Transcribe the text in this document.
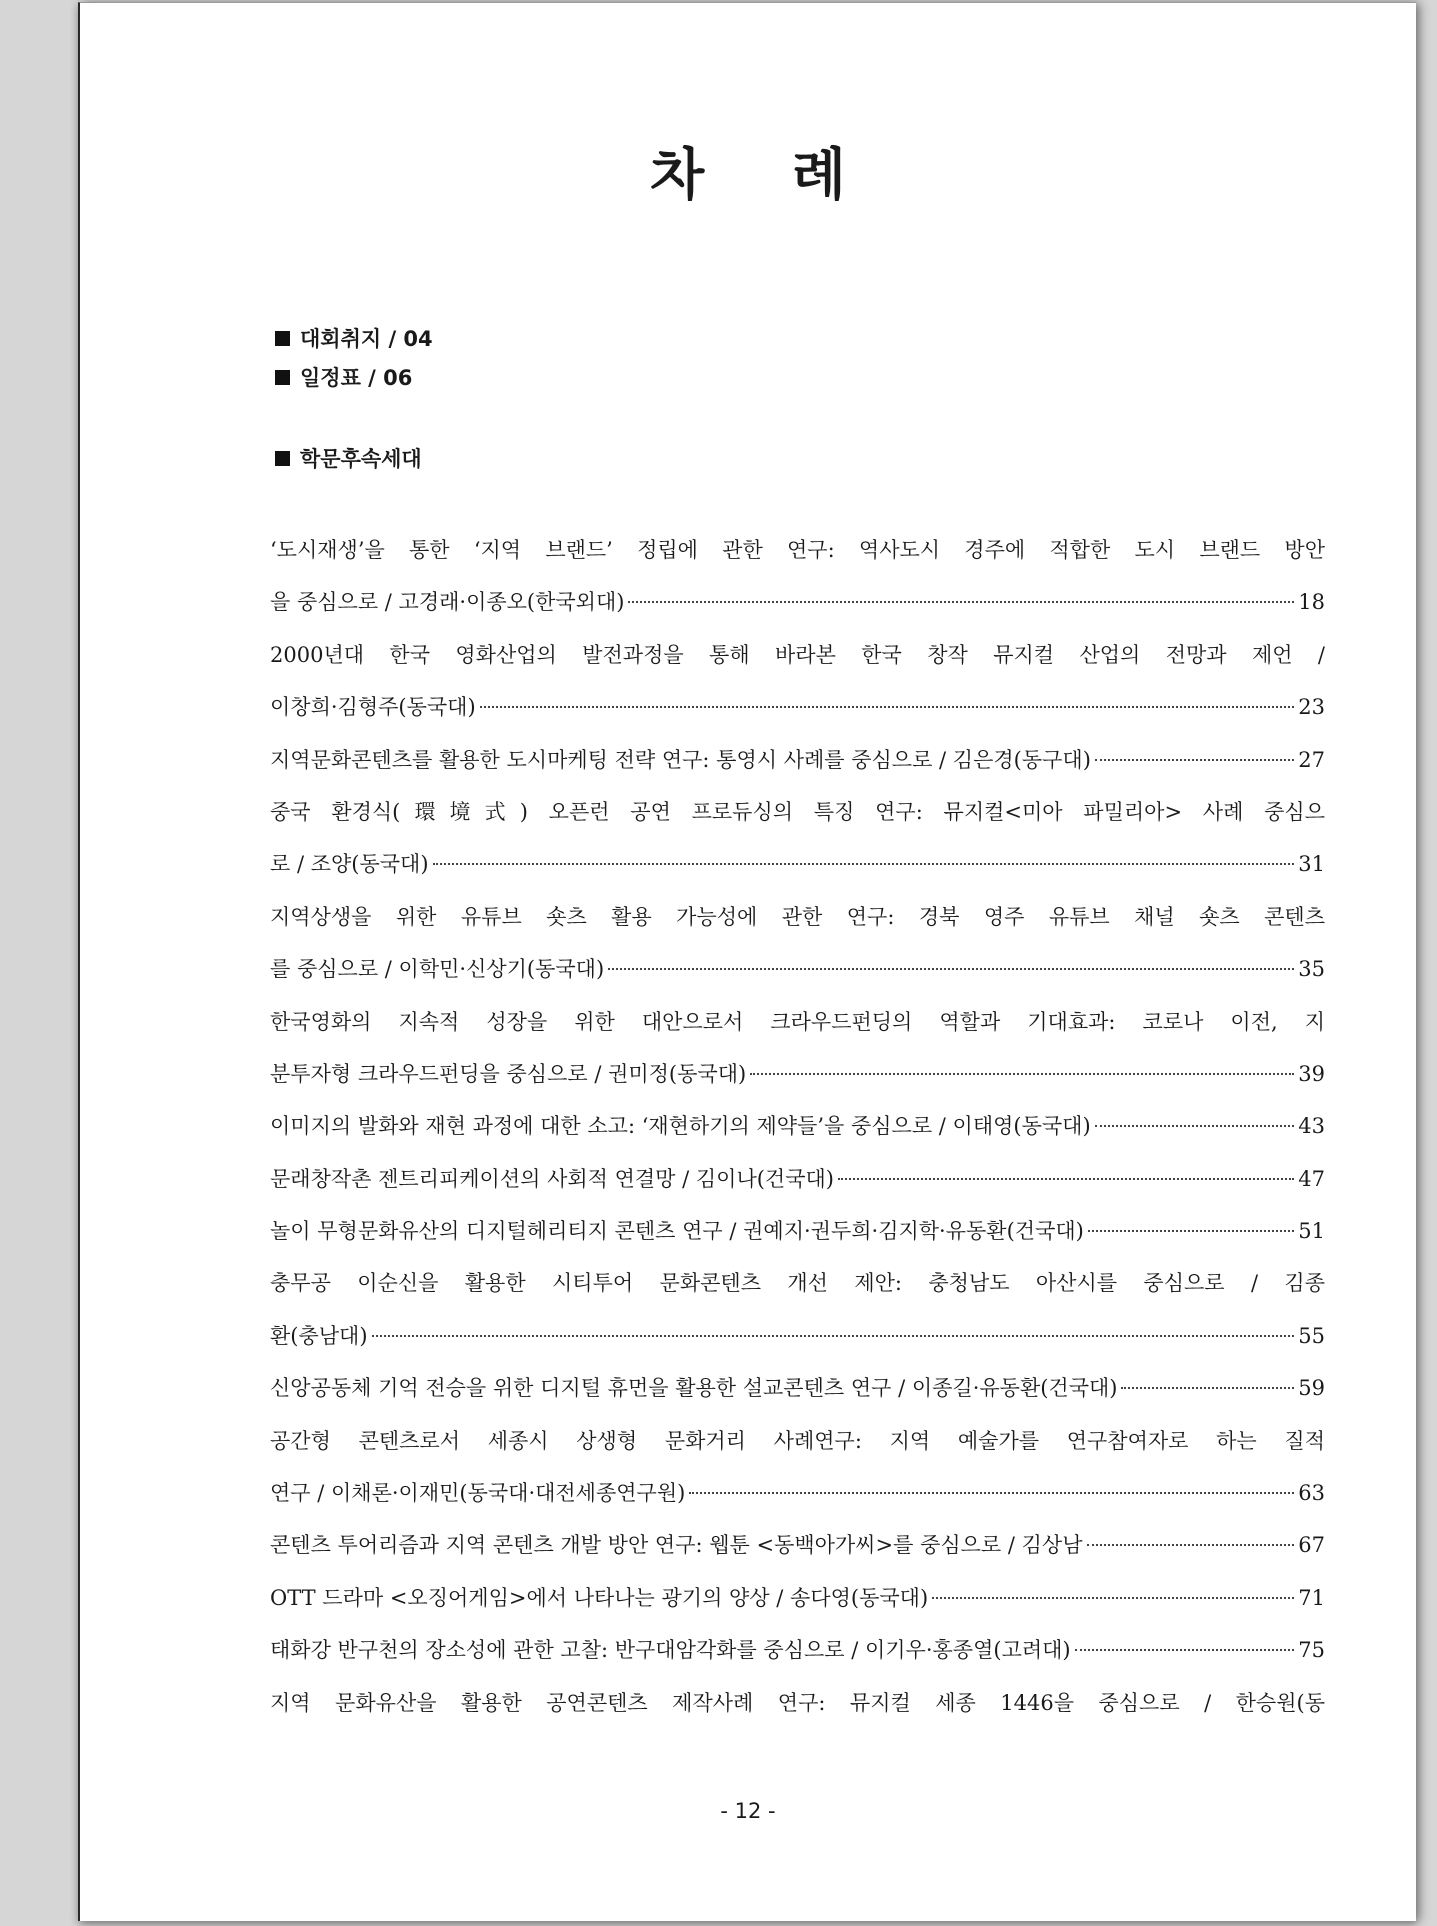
차 례
대회취지 / 04
일정표 / 06
학문후속세대
‘도시재생’을 통한 ‘지역 브랜드’ 정립에 관한 연구: 역사도시 경주에 적합한 도시 브랜드 방안
을 중심으로 / 고경래·이종오(한국외대)	18
2000년대 한국 영화산업의 발전과정을 통해 바라본 한국 창작 뮤지컬 산업의 전망과 제언 /
이창희·김형주(동국대)	23
지역문화콘텐츠를 활용한 도시마케팅 전략 연구: 통영시 사례를 중심으로 / 김은경(동구대)	27
중국 환경식(環境式) 오픈런 공연 프로듀싱의 특징 연구: 뮤지컬<미아 파밀리아> 사례 중심으
로 / 조양(동국대)	31
지역상생을 위한 유튜브 숏츠 활용 가능성에 관한 연구: 경북 영주 유튜브 채널 숏츠 콘텐츠
를 중심으로 / 이학민·신상기(동국대)	35
한국영화의 지속적 성장을 위한 대안으로서 크라우드펀딩의 역할과 기대효과: 코로나 이전, 지
분투자형 크라우드펀딩을 중심으로 / 권미정(동국대)	39
이미지의 발화와 재현 과정에 대한 소고: ‘재현하기의 제약들’을 중심으로 / 이태영(동국대)	43
문래창작촌 젠트리피케이션의 사회적 연결망 / 김이나(건국대)	47
놀이 무형문화유산의 디지털헤리티지 콘텐츠 연구 / 권예지·권두희·김지학·유동환(건국대)	51
충무공 이순신을 활용한 시티투어 문화콘텐츠 개선 제안: 충청남도 아산시를 중심으로 / 김종
환(충남대)	55
신앙공동체 기억 전승을 위한 디지털 휴먼을 활용한 설교콘텐츠 연구 / 이종길·유동환(건국대)	59
공간형 콘텐츠로서 세종시 상생형 문화거리 사례연구: 지역 예술가를 연구참여자로 하는 질적
연구 / 이채론·이재민(동국대·대전세종연구원)	63
콘텐츠 투어리즘과 지역 콘텐츠 개발 방안 연구: 웹툰 <동백아가씨>를 중심으로 / 김상남	67
OTT 드라마 <오징어게임>에서 나타나는 광기의 양상 / 송다영(동국대)	71
태화강 반구천의 장소성에 관한 고찰: 반구대암각화를 중심으로 / 이기우·홍종열(고려대)	75
지역 문화유산을 활용한 공연콘텐츠 제작사례 연구: 뮤지컬 세종 1446을 중심으로 / 한승원(동
- 12 -
